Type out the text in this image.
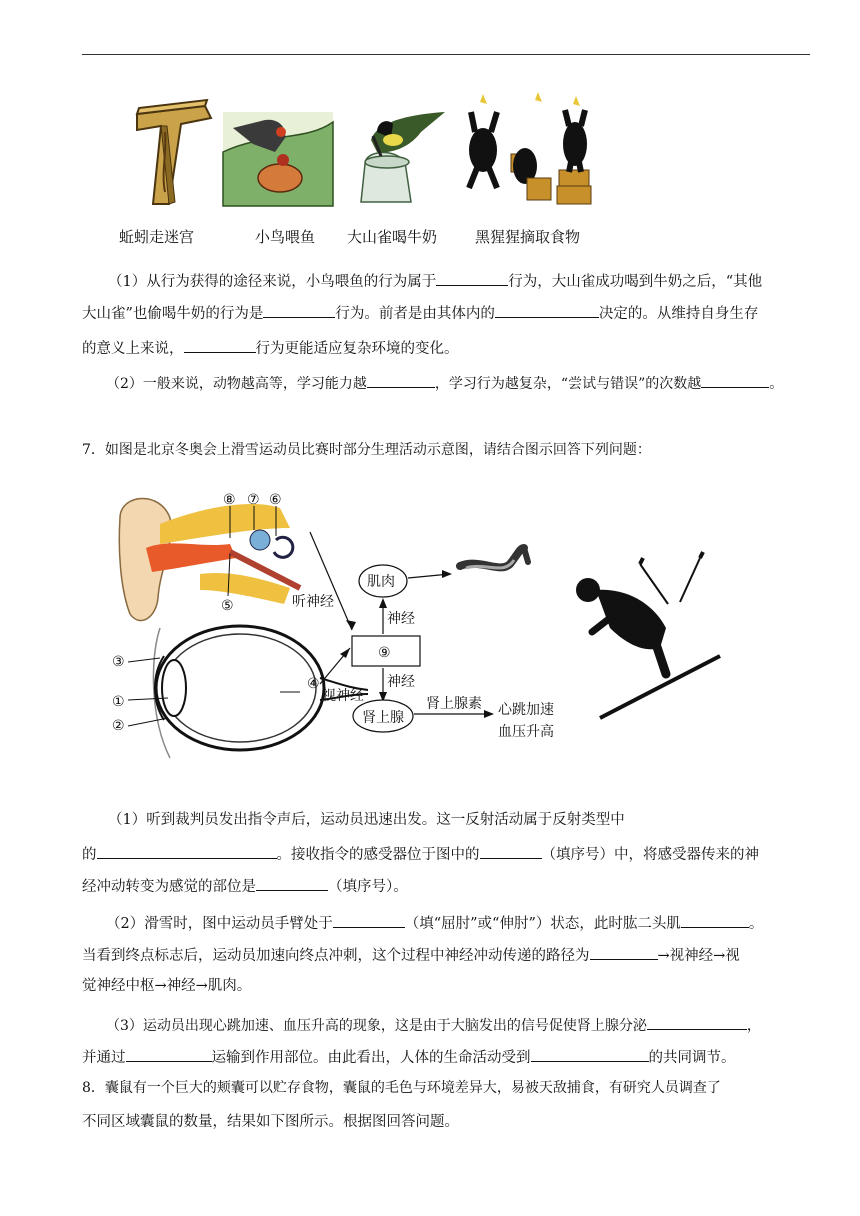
蚯蚓走迷宫	小鸟喂鱼 大山雀喝牛奶	黑猩猩摘取食物
（1）从行为获得的途径来说，小鸟喂鱼的行为属于	行为，大山雀成功喝到牛奶之后，“其他
大山雀”也偷喝牛奶的行为是	行为。前者是由其体内的	决定的。从维持自身生存
的意义上来说，	行为更能适应复杂环境的变化。
（2）一般来说，动物越高等，学习能力越	，学习行为越复杂，“尝试与错误”的次数越	。
7．如图是北京冬奥会上滑雪运动员比赛时部分生理活动示意图，请结合图示回答下列问题：
⑧ ⑦ ⑥
⑤
③
①
②
④
听神经
视神经
⑨
肌肉
神经
神经
肾上腺
肾上腺素 心跳加速
血压升高
（1）听到裁判员发出指令声后，运动员迅速出发。这一反射活动属于反射类型中
的	。接收指令的感受器位于图中的	（填序号）中，将感受器传来的神
经冲动转变为感觉的部位是	（填序号）。
（2）滑雪时，图中运动员手臂处于	（填“屈肘”或“伸肘”）状态，此时肱二头肌	。
当看到终点标志后，运动员加速向终点冲刺，这个过程中神经冲动传递的路径为	→视神经→视
觉神经中枢→神经→肌肉。
（3）运动员出现心跳加速、血压升高的现象，这是由于大脑发出的信号促使肾上腺分泌	，
并通过	运输到作用部位。由此看出，人体的生命活动受到	的共同调节。
8．囊鼠有一个巨大的颊囊可以贮存食物，囊鼠的毛色与环境差异大，易被天敌捕食，有研究人员调查了
不同区域囊鼠的数量，结果如下图所示。根据图回答问题。
